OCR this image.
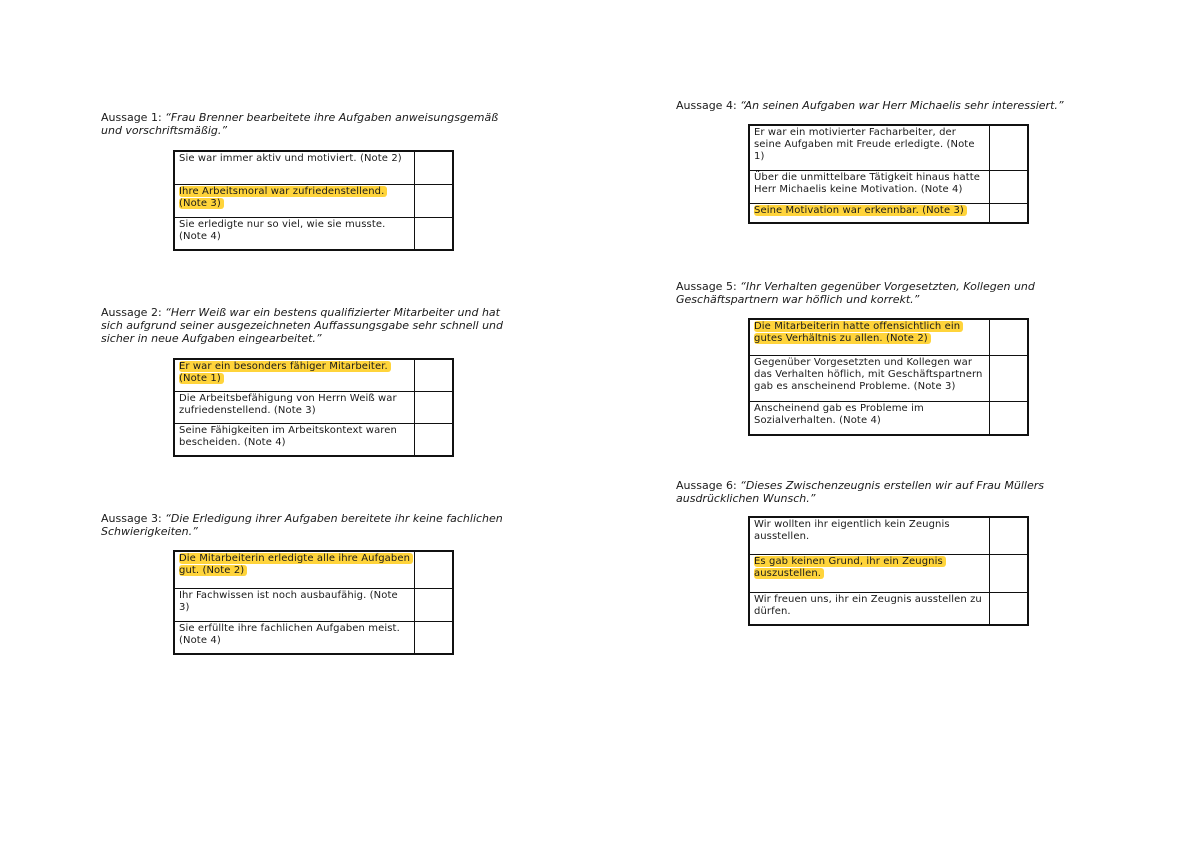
Aussage 1: “Frau Brenner bearbeitete ihre Aufgaben anweisungsgemäß und vorschriftsmäßig.”

Sie war immer aktiv und motiviert. (Note 2)	
Ihre Arbeitsmoral war zufriedenstellend. (Note 3)	
Sie erledigte nur so viel, wie sie musste. (Note 4)	

Aussage 2: “Herr Weiß war ein bestens qualifizierter Mitarbeiter und hat sich aufgrund seiner ausgezeichneten Auffassungsgabe sehr schnell und sicher in neue Aufgaben eingearbeitet.”

Er war ein besonders fähiger Mitarbeiter. (Note 1)	
Die Arbeitsbefähigung von Herrn Weiß war zufriedenstellend. (Note 3)	
Seine Fähigkeiten im Arbeitskontext waren bescheiden. (Note 4)	

Aussage 3: “Die Erledigung ihrer Aufgaben bereitete ihr keine fachlichen Schwierigkeiten.”

Die Mitarbeiterin erledigte alle ihre Aufgaben gut. (Note 2)	
Ihr Fachwissen ist noch ausbaufähig. (Note 3)	
Sie erfüllte ihre fachlichen Aufgaben meist. (Note 4)	

Aussage 4: “An seinen Aufgaben war Herr Michaelis sehr interessiert.”

Er war ein motivierter Facharbeiter, der seine Aufgaben mit Freude erledigte. (Note 1)	
Über die unmittelbare Tätigkeit hinaus hatte Herr Michaelis keine Motivation. (Note 4)	
Seine Motivation war erkennbar. (Note 3)	

Aussage 5: “Ihr Verhalten gegenüber Vorgesetzten, Kollegen und Geschäftspartnern war höflich und korrekt.”

Die Mitarbeiterin hatte offensichtlich ein gutes Verhältnis zu allen. (Note 2)	
Gegenüber Vorgesetzten und Kollegen war das Verhalten höflich, mit Geschäftspartnern gab es anscheinend Probleme. (Note 3)	
Anscheinend gab es Probleme im Sozialverhalten. (Note 4)	

Aussage 6: “Dieses Zwischenzeugnis erstellen wir auf Frau Müllers ausdrücklichen Wunsch.”

Wir wollten ihr eigentlich kein Zeugnis ausstellen.	
Es gab keinen Grund, ihr ein Zeugnis auszustellen.	
Wir freuen uns, ihr ein Zeugnis ausstellen zu dürfen.	
